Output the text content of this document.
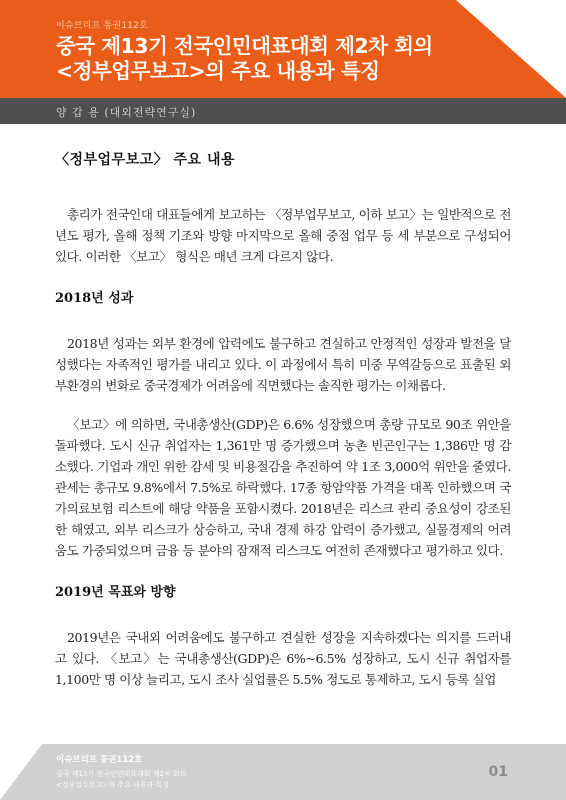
이슈브리프 통권112호
중국 제13기 전국인민대표대회 제2차 회의
<정부업무보고>의 주요 내용과 특징
양 갑 용 (대외전략연구실)
〈정부업무보고〉 주요 내용

총리가 전국인대 대표들에게 보고하는 〈정부업무보고, 이하 보고〉는 일반적으로 전년도 평가, 올해 정책 기조와 방향 마지막으로 올해 중점 업무 등 세 부분으로 구성되어 있다. 이러한 〈보고〉 형식은 매년 크게 다르지 않다.

2018년 성과

2018년 성과는 외부 환경에 압력에도 불구하고 견실하고 안정적인 성장과 발전을 달성했다는 자족적인 평가를 내리고 있다. 이 과정에서 특히 미중 무역갈등으로 표출된 외부환경의 변화로 중국경제가 어려움에 직면했다는 솔직한 평가는 이채롭다.

〈보고〉에 의하면, 국내총생산(GDP)은 6.6% 성장했으며 총량 규모로 90조 위안을 돌파했다. 도시 신규 취업자는 1,361만 명 증가했으며 농촌 빈곤인구는 1,386만 명 감소했다. 기업과 개인 위한 감세 및 비용절감을 추진하여 약 1조 3,000억 위안을 줄였다. 관세는 총규모 9.8%에서 7.5%로 하락했다. 17종 항암약품 가격을 대폭 인하했으며 국가의료보험 리스트에 해당 약품을 포함시켰다. 2018년은 리스크 관리 중요성이 강조된 한 해였고, 외부 리스크가 상승하고, 국내 경제 하강 압력이 증가했고, 실물경제의 어려움도 가중되었으며 금융 등 분야의 잠재적 리스크도 여전히 존재했다고 평가하고 있다.

2019년 목표와 방향

2019년은 국내외 어려움에도 불구하고 견실한 성장을 지속하겠다는 의지를 드러내고 있다. 〈보고〉는 국내총생산(GDP)은 6%~6.5% 성장하고, 도시 신규 취업자를 1,100만 명 이상 늘리고, 도시 조사 실업률은 5.5% 정도로 통제하고, 도시 등록 실업

이슈브리프 통권112호
중국 제13기 전국인민대표대회 제2차 회의
<정부업무보고>의 주요 내용과 특징
01
